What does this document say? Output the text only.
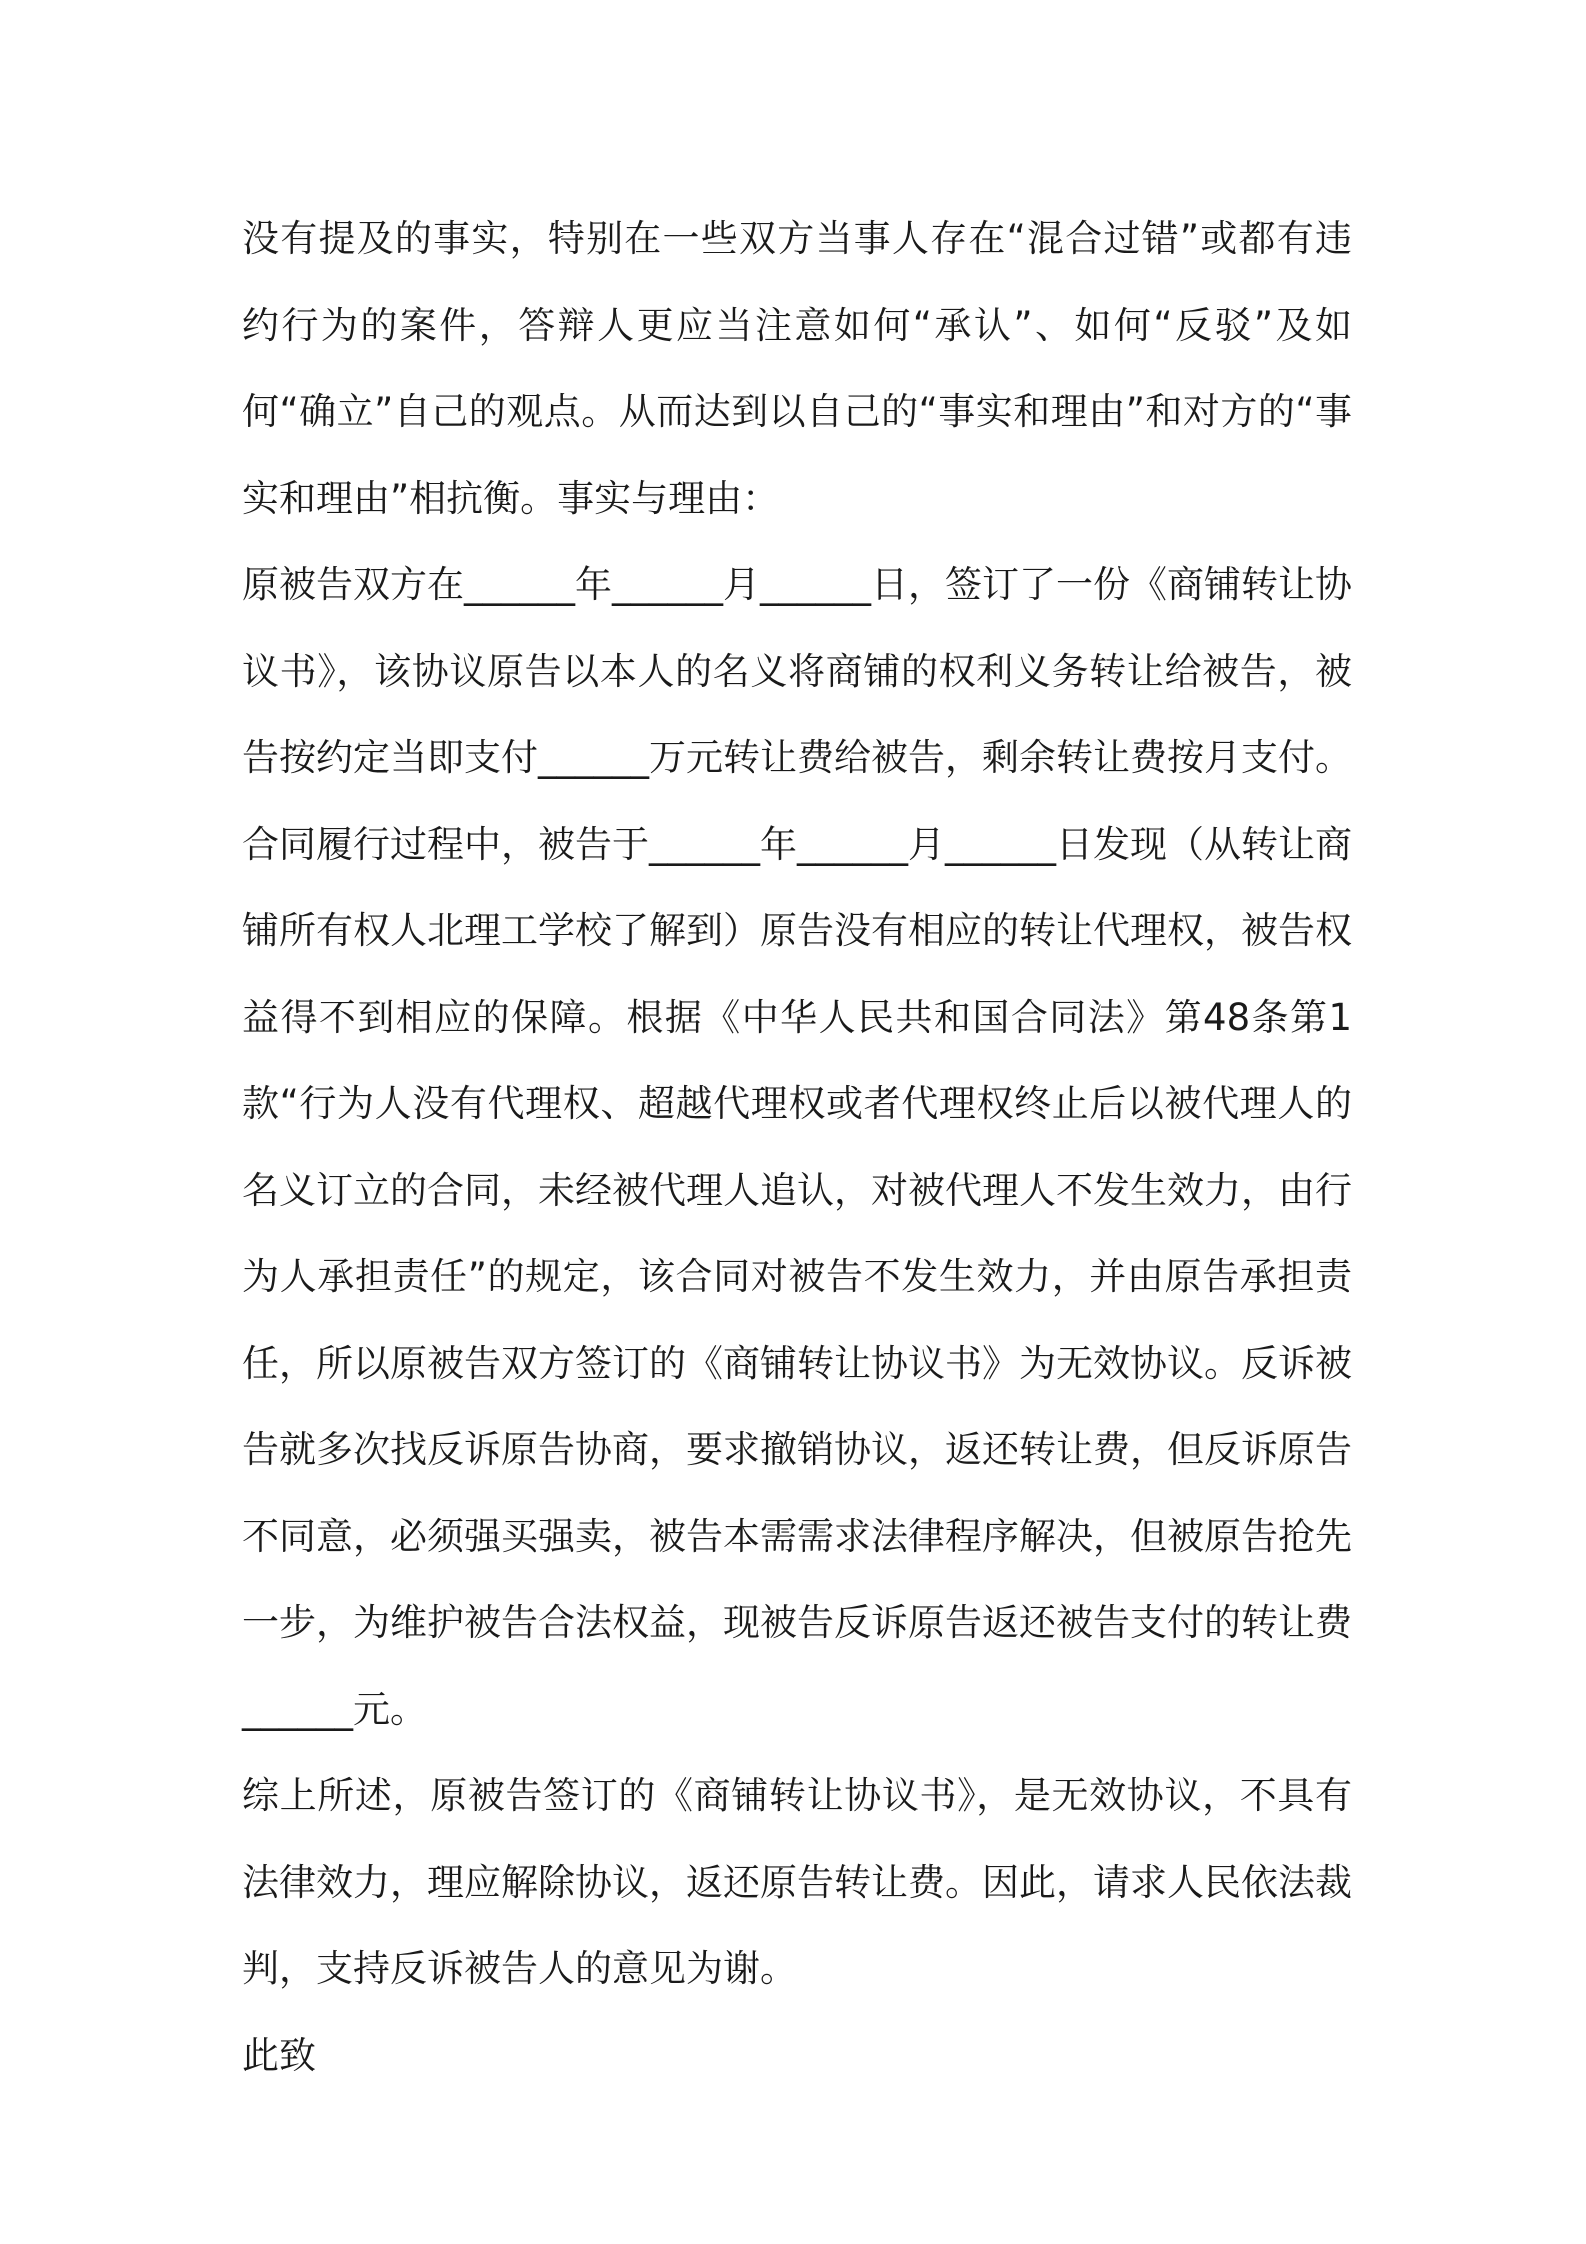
没有提及的事实，特别在一些双方当事人存在“混合过错”或都有违约行为的案件，答辩人更应当注意如何“承认”、如何“反驳”及如何“确立”自己的观点。从而达到以自己的“事实和理由”和对方的“事实和理由”相抗衡。事实与理由：

原被告双方在______年______月______日，签订了一份《商铺转让协议书》，该协议原告以本人的名义将商铺的权利义务转让给被告，被告按约定当即支付______万元转让费给被告，剩余转让费按月支付。合同履行过程中，被告于______年______月______日发现（从转让商铺所有权人北理工学校了解到）原告没有相应的转让代理权，被告权益得不到相应的保障。根据《中华人民共和国合同法》第48条第1款“行为人没有代理权、超越代理权或者代理权终止后以被代理人的名义订立的合同，未经被代理人追认，对被代理人不发生效力，由行为人承担责任”的规定，该合同对被告不发生效力，并由原告承担责任，所以原被告双方签订的《商铺转让协议书》为无效协议。反诉被告就多次找反诉原告协商，要求撤销协议，返还转让费，但反诉原告不同意，必须强买强卖，被告本需需求法律程序解决，但被原告抢先一步，为维护被告合法权益，现被告反诉原告返还被告支付的转让费______元。

综上所述，原被告签订的《商铺转让协议书》，是无效协议，不具有法律效力，理应解除协议，返还原告转让费。因此，请求人民依法裁判，支持反诉被告人的意见为谢。

此致
